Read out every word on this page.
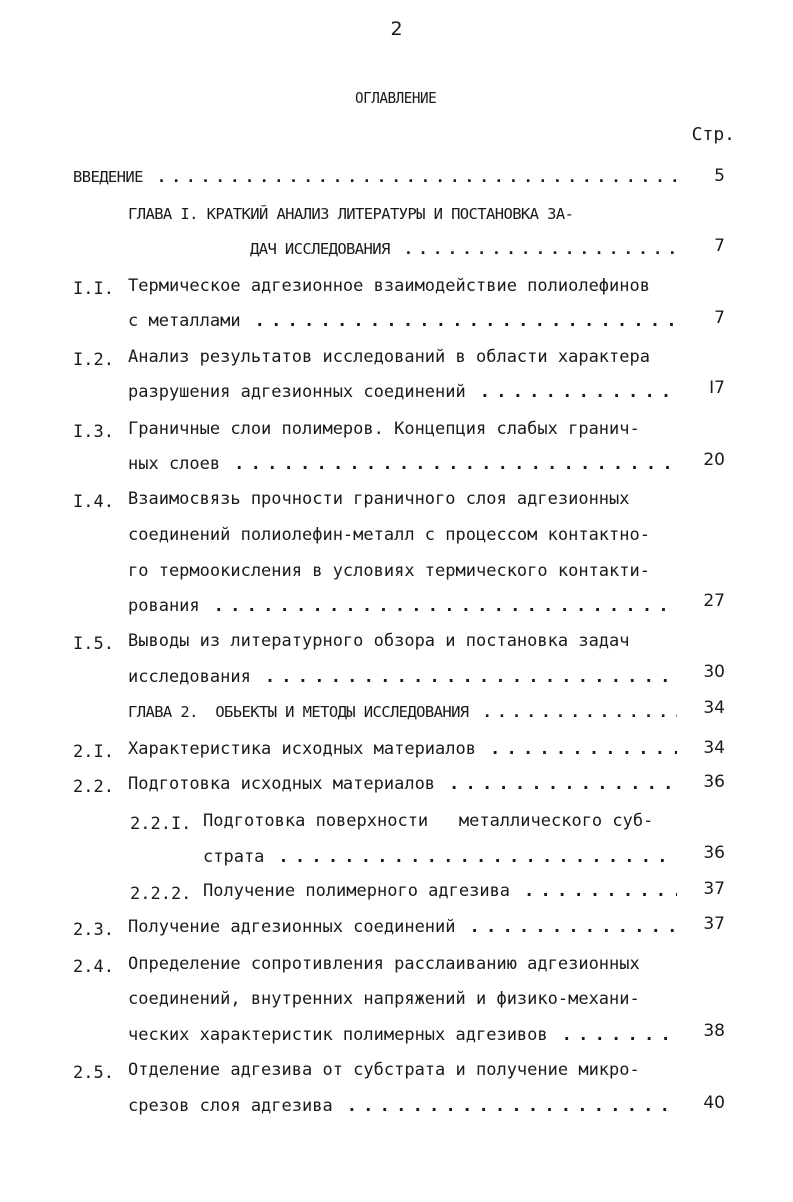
2
ОГЛАВЛЕНИЕ
Стр.
ВВЕДЕНИЕ . . .	5
ГЛАВА I. КРАТКИЙ АНАЛИЗ ЛИТЕРАТУРЫ И ПОСТАНОВКА ЗА-
ДАЧ ИССЛЕДОВАНИЯ . . .	7
I.I. Термическое адгезионное взаимодействие полиолефинов
с металлами . . .	7
I.2. Анализ результатов исследований в области характера
разрушения адгезионных соединений . . .	I7
I.3. Граничные слои полимеров. Концепция слабых гранич-
ных слоев . . .	20
I.4. Взаимосвязь прочности граничного слоя адгезионных
соединений полиолефин-металл с процессом контактно-
го термоокисления в условиях термического контакти-
рования . . .	27
I.5. Выводы из литературного обзора и постановка задач
исследования . . .	30
ГЛАВА 2.  ОБЬЕКТЫ И МЕТОДЫ ИССЛЕДОВАНИЯ . . .	34
2.I. Характеристика исходных материалов . . .	34
2.2. Подготовка исходных материалов . . .	36
2.2.I. Подготовка поверхности   металлического суб-
страта . . .	36
2.2.2. Получение полимерного адгезива . . .	37
2.3. Получение адгезионных соединений . . .	37
2.4. Определение сопротивления расслаиванию адгезионных
соединений, внутренних напряжений и физико-механи-
ческих характеристик полимерных адгезивов . . .	38
2.5. Отделение адгезива от субстрата и получение микро-
срезов слоя адгезива . . .	40
